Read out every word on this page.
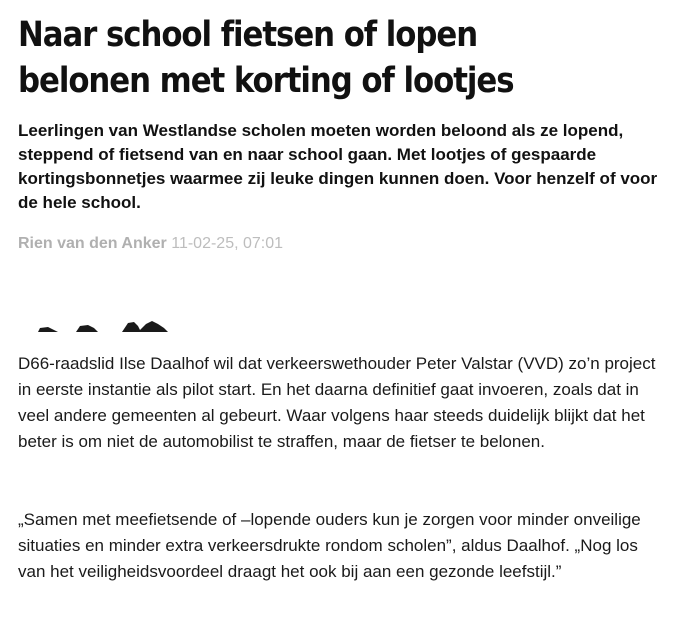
Naar school fietsen of lopen
belonen met korting of lootjes

Leerlingen van Westlandse scholen moeten worden beloond als ze lopend, steppend of fietsend van en naar school gaan. Met lootjes of gespaarde kortingsbonnetjes waarmee zij leuke dingen kunnen doen. Voor henzelf of voor de hele school.

Rien van den Anker 11-02-25, 07:01

D66-raadslid Ilse Daalhof wil dat verkeerswethouder Peter Valstar (VVD) zo’n project in eerste instantie als pilot start. En het daarna definitief gaat invoeren, zoals dat in veel andere gemeenten al gebeurt. Waar volgens haar steeds duidelijk blijkt dat het beter is om niet de automobilist te straffen, maar de fietser te belonen.

„Samen met meefietsende of –lopende ouders kun je zorgen voor minder onveilige situaties en minder extra verkeersdrukte rondom scholen”, aldus Daalhof. „Nog los van het veiligheidsvoordeel draagt het ook bij aan een gezonde leefstijl.”
